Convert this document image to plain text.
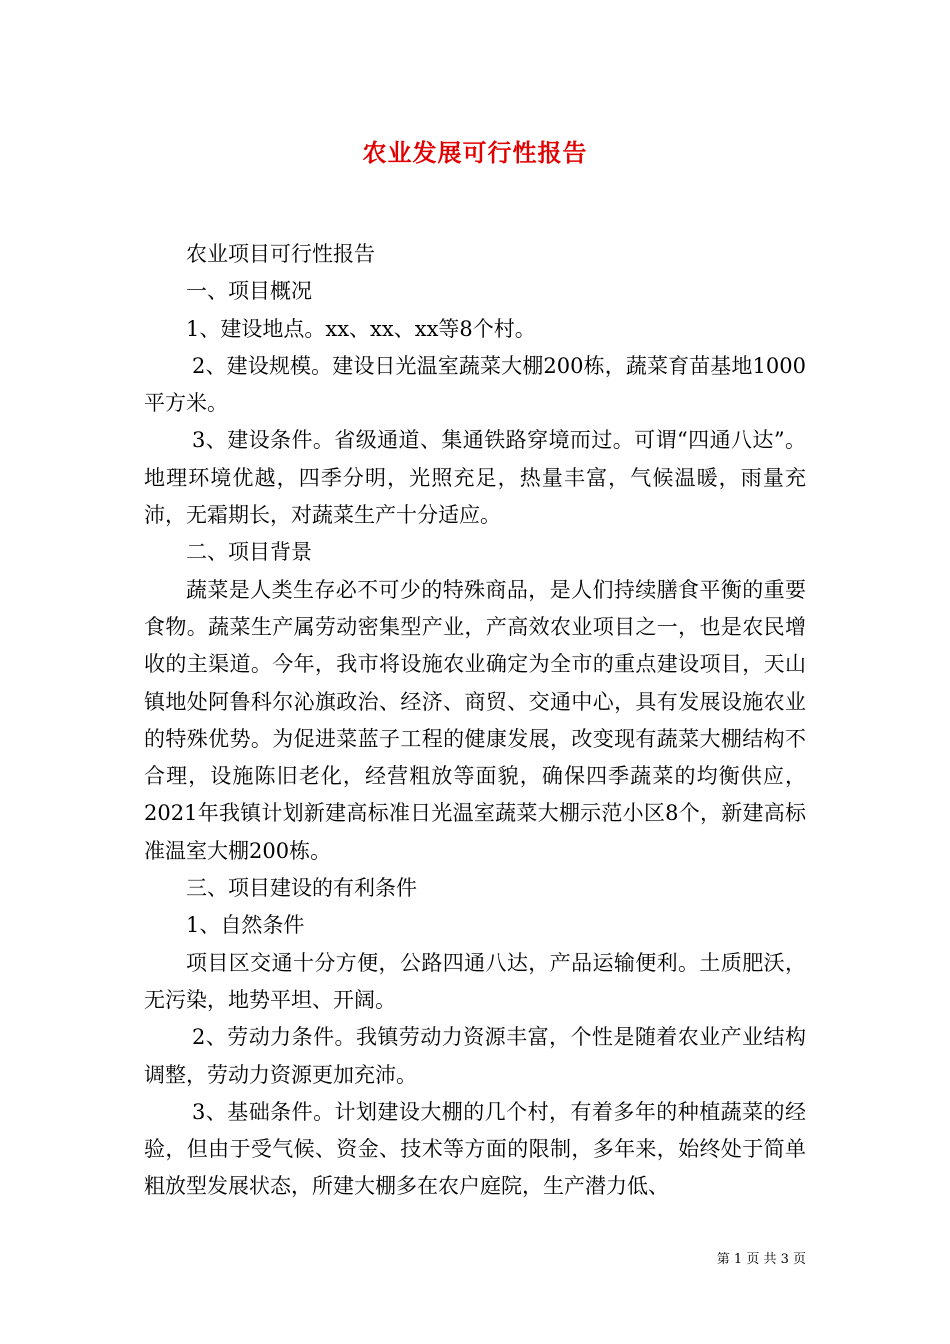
农业发展可行性报告

农业项目可行性报告

一、项目概况

1、建设地点。xx、xx、xx等8个村。

2、建设规模。建设日光温室蔬菜大棚200栋，蔬菜育苗基地1000平方米。

3、建设条件。省级通道、集通铁路穿境而过。可谓“四通八达”。地理环境优越，四季分明，光照充足，热量丰富，气候温暖，雨量充沛，无霜期长，对蔬菜生产十分适应。

二、项目背景

蔬菜是人类生存必不可少的特殊商品，是人们持续膳食平衡的重要食物。蔬菜生产属劳动密集型产业，产高效农业项目之一，也是农民增收的主渠道。今年，我市将设施农业确定为全市的重点建设项目，天山镇地处阿鲁科尔沁旗政治、经济、商贸、交通中心，具有发展设施农业的特殊优势。为促进菜蓝子工程的健康发展，改变现有蔬菜大棚结构不合理，设施陈旧老化，经营粗放等面貌，确保四季蔬菜的均衡供应，2021年我镇计划新建高标准日光温室蔬菜大棚示范小区8个，新建高标准温室大棚200栋。

三、项目建设的有利条件

1、自然条件

项目区交通十分方便，公路四通八达，产品运输便利。土质肥沃，无污染，地势平坦、开阔。

2、劳动力条件。我镇劳动力资源丰富，个性是随着农业产业结构调整，劳动力资源更加充沛。

3、基础条件。计划建设大棚的几个村，有着多年的种植蔬菜的经验，但由于受气候、资金、技术等方面的限制，多年来，始终处于简单粗放型发展状态，所建大棚多在农户庭院，生产潜力低、

第 1 页 共 3 页
